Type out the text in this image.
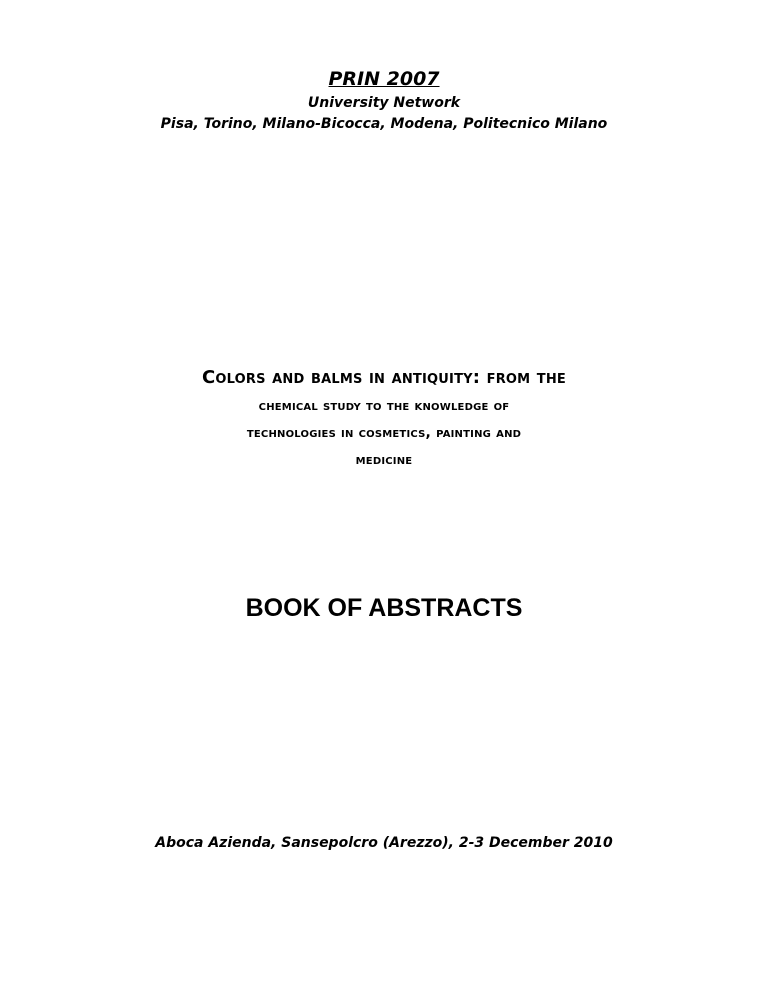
PRIN 2007
University Network
Pisa, Torino, Milano-Bicocca, Modena, Politecnico Milano
Colors and balms in antiquity: from the
chemical study to the knowledge of
technologies in cosmetics, painting and
medicine
BOOK OF ABSTRACTS
Aboca Azienda, Sansepolcro (Arezzo), 2-3 December 2010
